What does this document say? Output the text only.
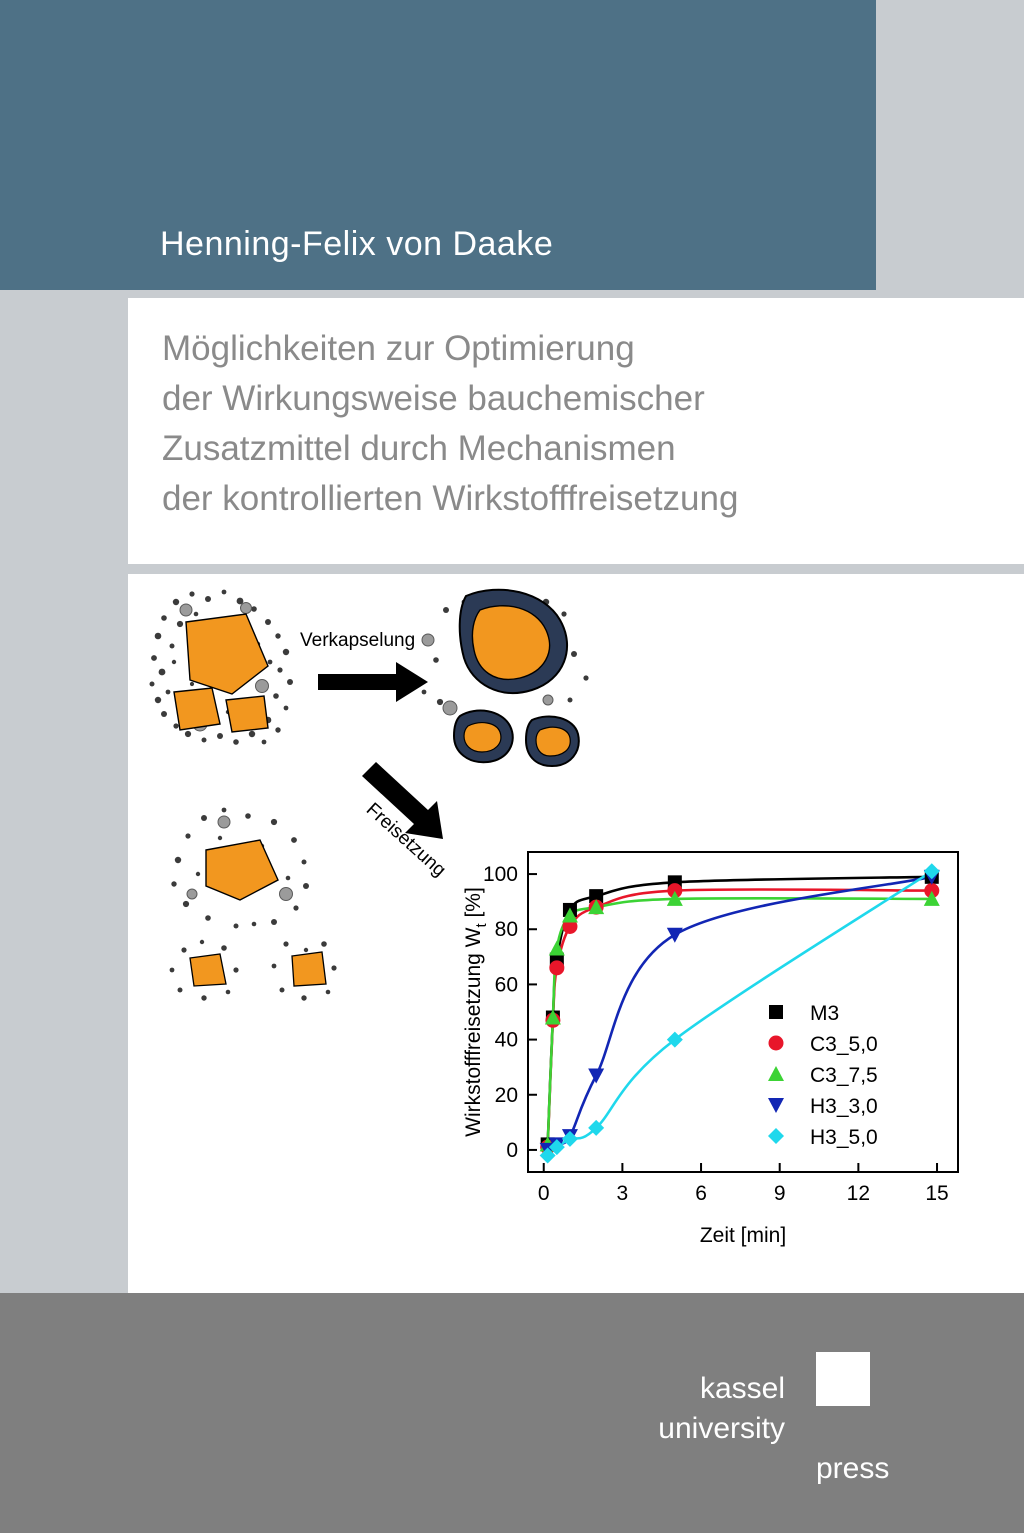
Henning-Felix von Daake
Möglichkeiten zur Optimierung
der Wirkungsweise bauchemischer
Zusatzmittel durch Mechanismen
der kontrollierten Wirkstofffreisetzung
Verkapselung
Freisetzung
0	3	6	9	12	15
0
20
40
60
80
100
M3
C3_5,0
C3_7,5
H3_3,0
H3_5,0
Zeit [min]
Wirkstofffreisetzung $W_t$ [%]
kassel
university
press
